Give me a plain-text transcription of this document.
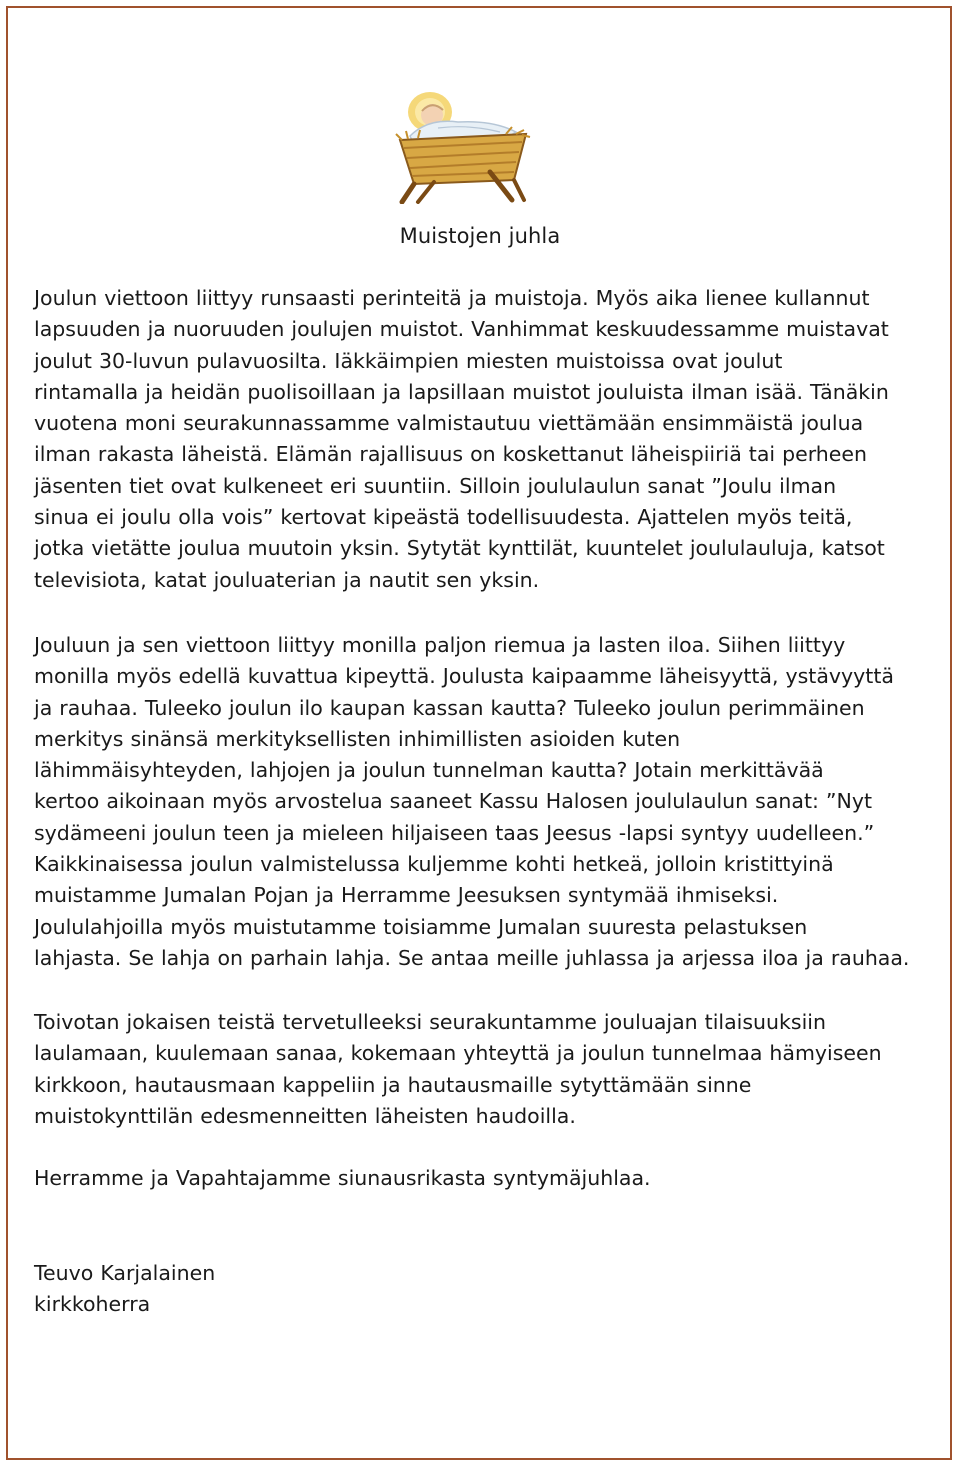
Muistojen juhla
Joulun viettoon liittyy runsaasti perinteitä ja muistoja. Myös aika lienee kullannut
lapsuuden ja nuoruuden joulujen muistot. Vanhimmat keskuudessamme muistavat
joulut 30-luvun pulavuosilta. Iäkkäimpien miesten muistoissa ovat joulut
rintamalla ja heidän puolisoillaan ja lapsillaan muistot jouluista ilman isää. Tänäkin
vuotena moni seurakunnassamme valmistautuu viettämään ensimmäistä joulua
ilman rakasta läheistä. Elämän rajallisuus on koskettanut läheispiiriä tai perheen
jäsenten tiet ovat kulkeneet eri suuntiin. Silloin joululaulun sanat ”Joulu ilman
sinua ei joulu olla vois” kertovat kipeästä todellisuudesta. Ajattelen myös teitä,
jotka vietätte joulua muutoin yksin. Sytytät kynttilät, kuuntelet joululauluja, katsot
televisiota, katat jouluaterian ja nautit sen yksin.
Jouluun ja sen viettoon liittyy monilla paljon riemua ja lasten iloa. Siihen liittyy
monilla myös edellä kuvattua kipeyttä. Joulusta kaipaamme läheisyyttä, ystävyyttä
ja rauhaa. Tuleeko joulun ilo kaupan kassan kautta? Tuleeko joulun perimmäinen
merkitys sinänsä merkityksellisten inhimillisten asioiden kuten
lähimmäisyhteyden, lahjojen ja joulun tunnelman kautta? Jotain merkittävää
kertoo aikoinaan myös arvostelua saaneet Kassu Halosen joululaulun sanat: ”Nyt
sydämeeni joulun teen ja mieleen hiljaiseen taas Jeesus -lapsi syntyy uudelleen.”
Kaikkinaisessa joulun valmistelussa kuljemme kohti hetkeä, jolloin kristittyinä
muistamme Jumalan Pojan ja Herramme Jeesuksen syntymää ihmiseksi.
Joululahjoilla myös muistutamme toisiamme Jumalan suuresta pelastuksen
lahjasta. Se lahja on parhain lahja. Se antaa meille juhlassa ja arjessa iloa ja rauhaa.
Toivotan jokaisen teistä tervetulleeksi seurakuntamme jouluajan tilaisuuksiin
laulamaan, kuulemaan sanaa, kokemaan yhteyttä ja joulun tunnelmaa hämyiseen
kirkkoon, hautausmaan kappeliin ja hautausmaille sytyttämään sinne
muistokynttilän edesmenneitten läheisten haudoilla.
Herramme ja Vapahtajamme siunausrikasta syntymäjuhlaa.
Teuvo Karjalainen
kirkkoherra
